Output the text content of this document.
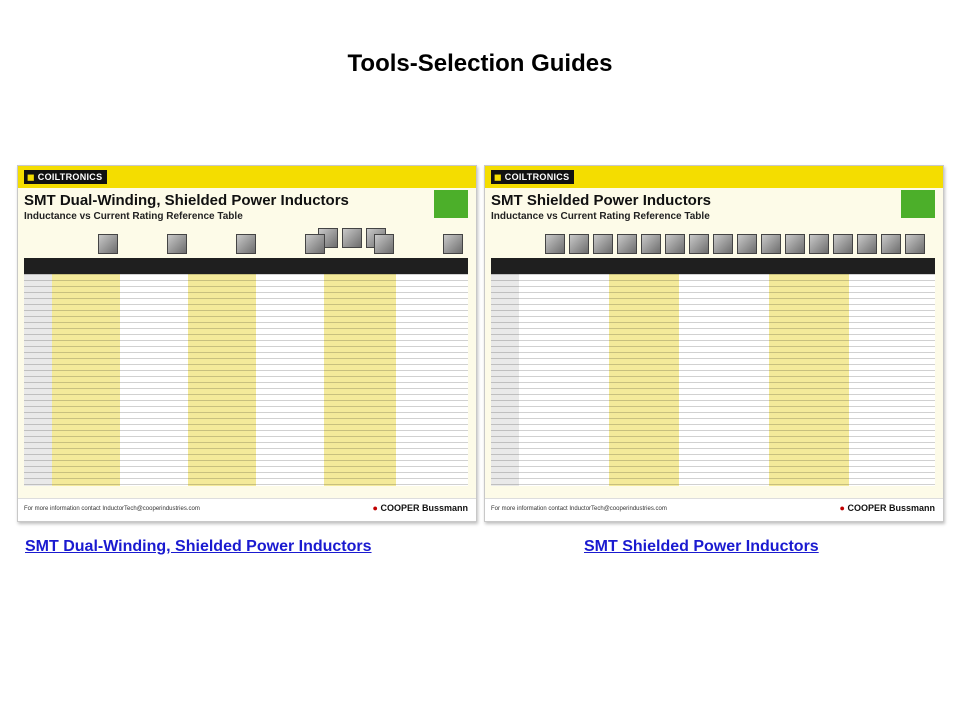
Tools-Selection Guides
◼ COILTRONICS
SMT Dual-Winding, Shielded Power Inductors
Inductance vs Current Rating Reference Table
For more information contact InductorTech@cooperindustries.com	● COOPER Bussmann
◼ COILTRONICS
SMT Shielded Power Inductors
Inductance vs Current Rating Reference Table
For more information contact InductorTech@cooperindustries.com	● COOPER Bussmann
SMT Dual-Winding, Shielded Power Inductors	SMT Shielded Power Inductors
